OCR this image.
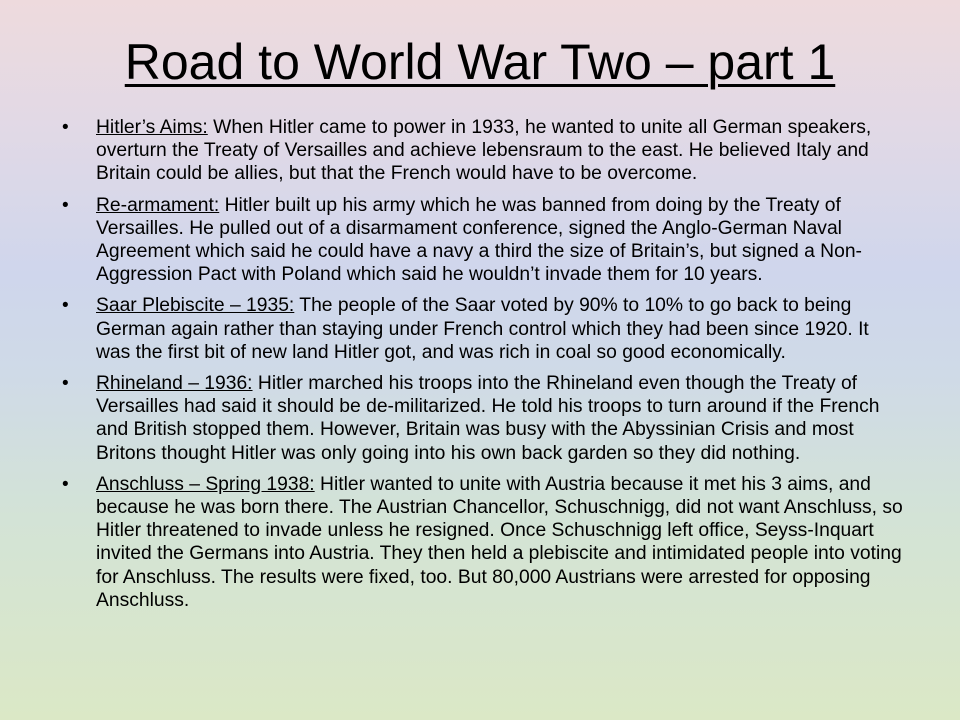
Road to World War Two – part 1
• Hitler’s Aims: When Hitler came to power in 1933, he wanted to unite all German speakers, overturn the Treaty of Versailles and achieve lebensraum to the east. He believed Italy and Britain could be allies, but that the French would have to be overcome.
• Re-armament: Hitler built up his army which he was banned from doing by the Treaty of Versailles. He pulled out of a disarmament conference, signed the Anglo-German Naval Agreement which said he could have a navy a third the size of Britain’s, but signed a Non-Aggression Pact with Poland which said he wouldn’t invade them for 10 years.
• Saar Plebiscite – 1935: The people of the Saar voted by 90% to 10% to go back to being German again rather than staying under French control which they had been since 1920. It was the first bit of new land Hitler got, and was rich in coal so good economically.
• Rhineland – 1936: Hitler marched his troops into the Rhineland even though the Treaty of Versailles had said it should be de-militarized. He told his troops to turn around if the French and British stopped them. However, Britain was busy with the Abyssinian Crisis and most Britons thought Hitler was only going into his own back garden so they did nothing.
• Anschluss – Spring 1938: Hitler wanted to unite with Austria because it met his 3 aims, and because he was born there. The Austrian Chancellor, Schuschnigg, did not want Anschluss, so Hitler threatened to invade unless he resigned. Once Schuschnigg left office, Seyss-Inquart invited the Germans into Austria. They then held a plebiscite and intimidated people into voting for Anschluss. The results were fixed, too. But 80,000 Austrians were arrested for opposing Anschluss.
